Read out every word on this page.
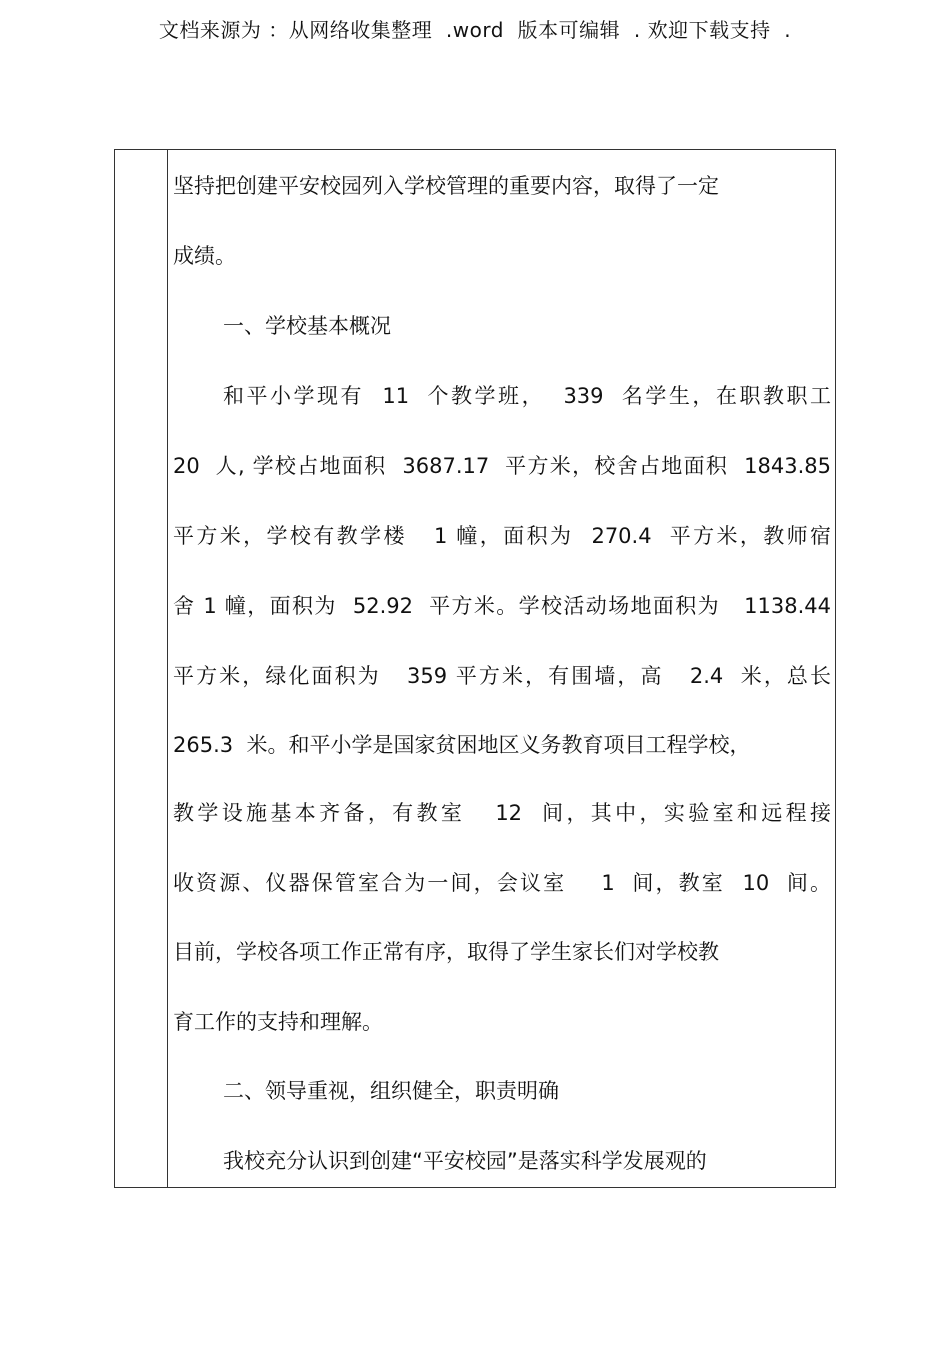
文档来源为 ：从网络收集整理  .word  版本可编辑  . 欢迎下载支持  .
坚持把创建平安校园列入学校管理的重要内容，取得了一定
成绩。
一、学校基本概况
和平小学现有  11  个教学班，  339  名学生，在职教职工
20  人, 学校占地面积  3687.17  平方米，校舍占地面积  1843.85
平方米，学校有教学楼   1 幢，面积为  270.4  平方米，教师宿
舍 1 幢，面积为  52.92  平方米。学校活动场地面积为   1138.44
平方米，绿化面积为   359 平方米，有围墙，高   2.4  米，总长
265.3  米。和平小学是国家贫困地区义务教育项目工程学校，
教学设施基本齐备，有教室   12  间，其中，实验室和远程接
收资源、仪器保管室合为一间，会议室    1  间，教室  10  间。
目前，学校各项工作正常有序，取得了学生家长们对学校教
育工作的支持和理解。
二、领导重视，组织健全，职责明确
我校充分认识到创建“平安校园”是落实科学发展观的
